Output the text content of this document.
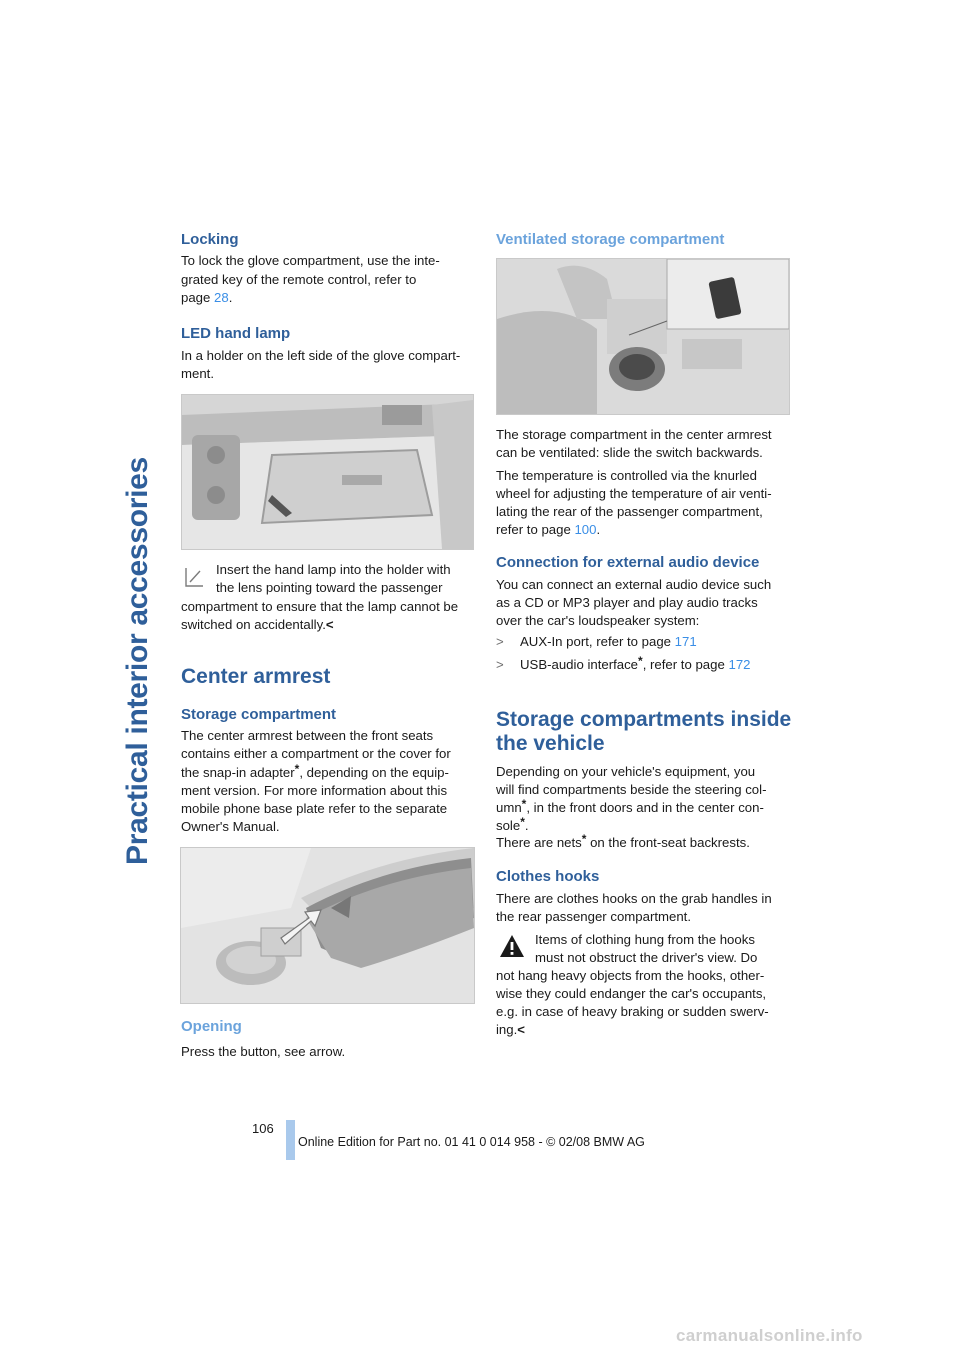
Practical interior accessories
Locking

To lock the glove compartment, use the inte-

grated key of the remote control, refer to

page 28.

LED hand lamp

In a holder on the left side of the glove compart-

ment.

Insert the hand lamp into the holder with

the lens pointing toward the passenger

compartment to ensure that the lamp cannot be

switched on accidentally.<

Center armrest
Storage compartment

The center armrest between the front seats

contains either a compartment or the cover for

the snap-in adapter*, depending on the equip-

ment version. For more information about this

mobile phone base plate refer to the separate

Owner's Manual.

Opening

Press the button, see arrow.

Ventilated storage compartment

The storage compartment in the center armrest

can be ventilated: slide the switch backwards.

The temperature is controlled via the knurled

wheel for adjusting the temperature of air venti-

lating the rear of the passenger compartment,

refer to page 100.

Connection for external audio device

You can connect an external audio device such

as a CD or MP3 player and play audio tracks

over the car's loudspeaker system:

> AUX-In port, refer to page 171

> USB-audio interface*, refer to page 172

Storage compartments inside
the vehicle

Depending on your vehicle's equipment, you

will find compartments beside the steering col-

umn*, in the front doors and in the center con-

sole*.

There are nets* on the front-seat backrests.

Clothes hooks

There are clothes hooks on the grab handles in

the rear passenger compartment.

Items of clothing hung from the hooks

must not obstruct the driver's view. Do

not hang heavy objects from the hooks, other-

wise they could endanger the car's occupants,

e.g. in case of heavy braking or sudden swerv-

ing.<

106
Online Edition for Part no. 01 41 0 014 958 - © 02/08 BMW AG
carmanualsonline.info
